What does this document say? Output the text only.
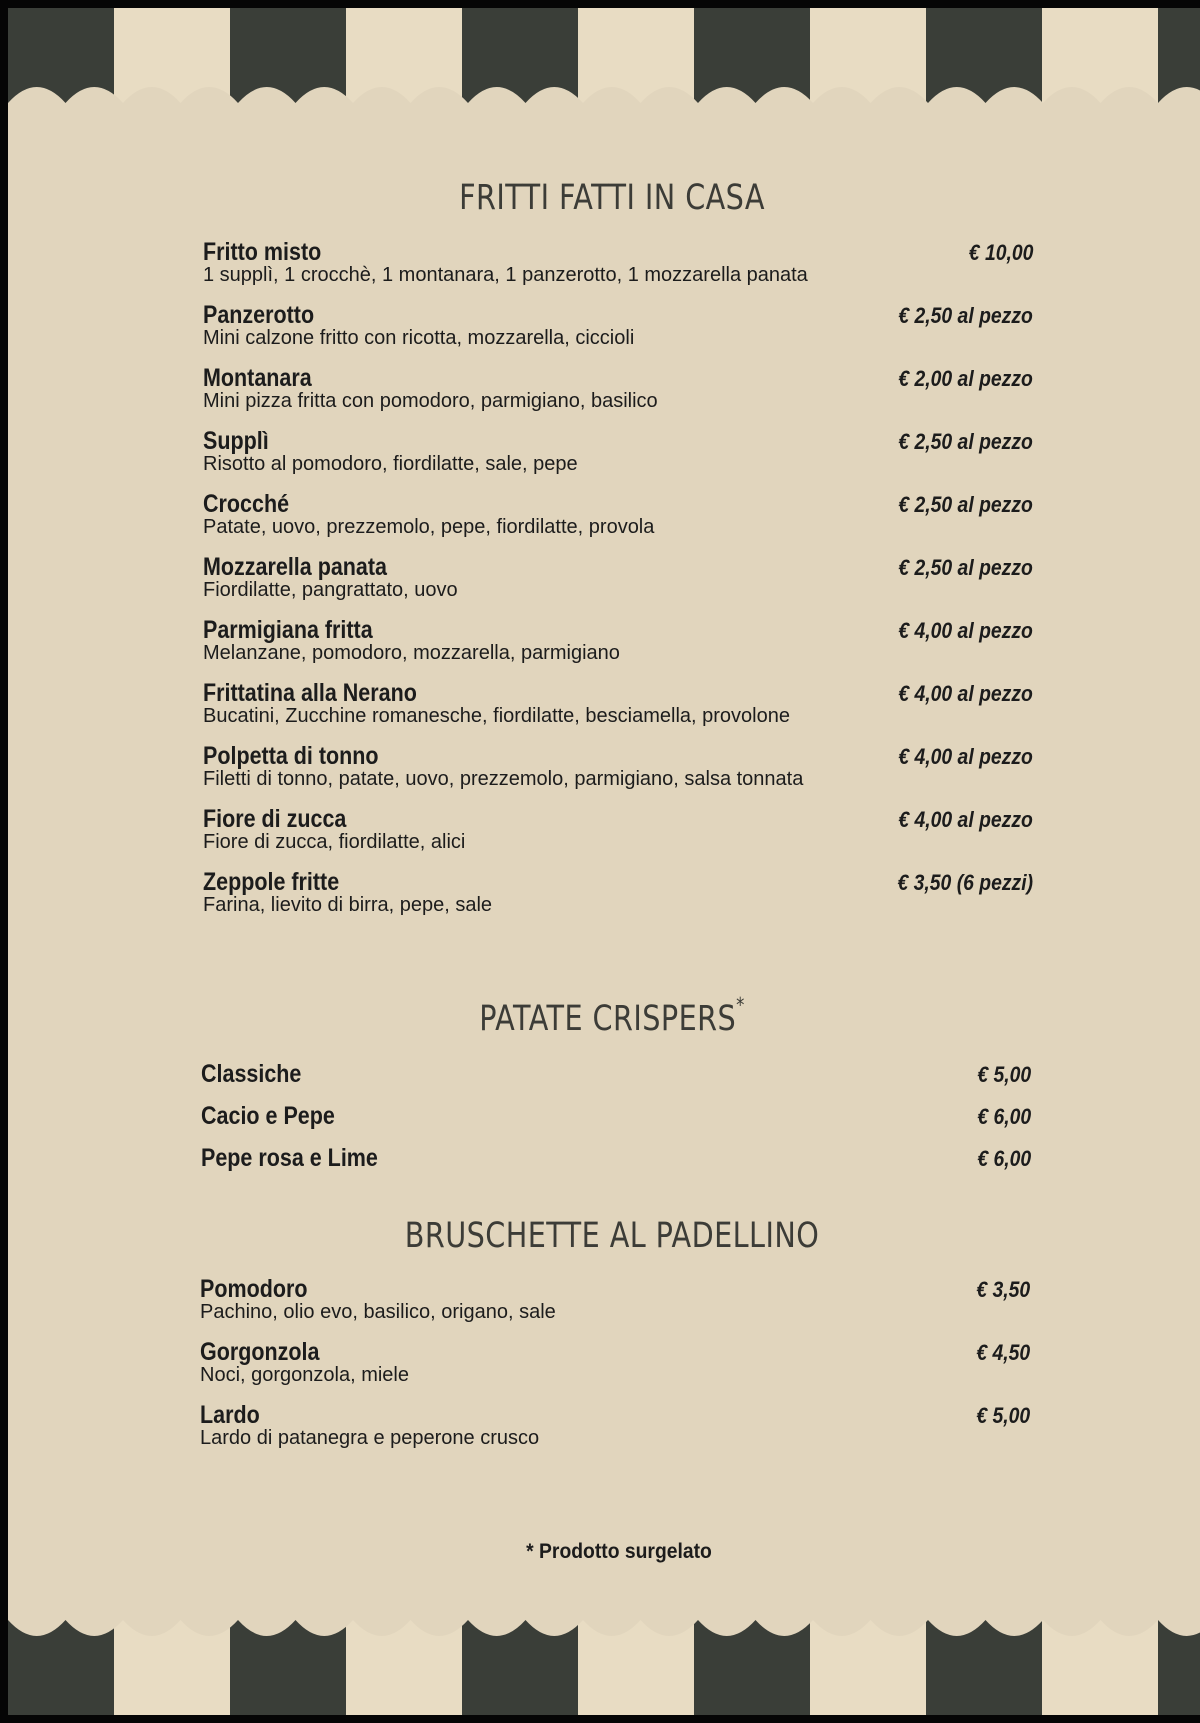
FRITTI FATTI IN CASA
Fritto misto
1 supplì, 1 crocchè, 1 montanara, 1 panzerotto, 1 mozzarella panata
€ 10,00
Panzerotto
Mini calzone fritto con ricotta, mozzarella, ciccioli
€ 2,50 al pezzo
Montanara
Mini pizza fritta con pomodoro, parmigiano, basilico
€ 2,00 al pezzo
Supplì
Risotto al pomodoro, fiordilatte, sale, pepe
€ 2,50 al pezzo
Crocché
Patate, uovo, prezzemolo, pepe, fiordilatte, provola
€ 2,50 al pezzo
Mozzarella panata
Fiordilatte, pangrattato, uovo
€ 2,50 al pezzo
Parmigiana fritta
Melanzane, pomodoro, mozzarella, parmigiano
€ 4,00 al pezzo
Frittatina alla Nerano
Bucatini, Zucchine romanesche, fiordilatte, besciamella, provolone
€ 4,00 al pezzo
Polpetta di tonno
Filetti di tonno, patate, uovo, prezzemolo, parmigiano, salsa tonnata
€ 4,00 al pezzo
Fiore di zucca
Fiore di zucca, fiordilatte, alici
€ 4,00 al pezzo
Zeppole fritte
Farina, lievito di birra, pepe, sale
€ 3,50 (6 pezzi)
PATATE CRISPERS*
Classiche	€ 5,00
Cacio e Pepe	€ 6,00
Pepe rosa e Lime	€ 6,00
BRUSCHETTE AL PADELLINO
Pomodoro
Pachino, olio evo, basilico, origano, sale
€ 3,50
Gorgonzola
Noci, gorgonzola, miele
€ 4,50
Lardo
Lardo di patanegra e peperone crusco
€ 5,00
* Prodotto surgelato
